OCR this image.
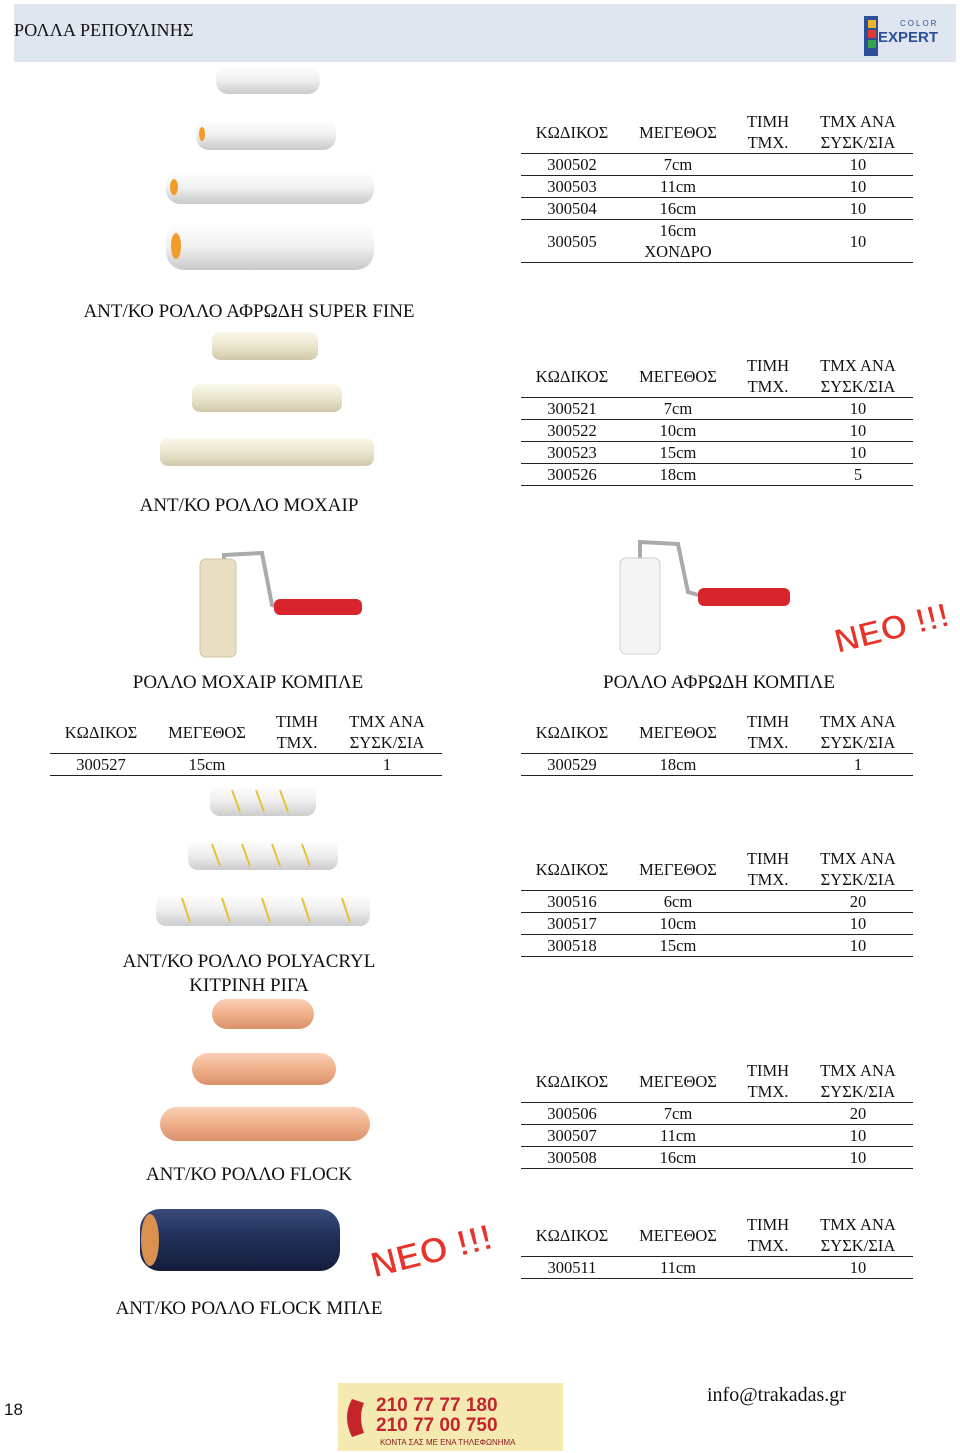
ΡΟΛΛΑ ΡΕΠΟΥΛΙΝΗΣ	COLOR
EXPERT
ΚΩΔΙΚΟΣ	ΜΕΓΕΘΟΣ	ΤΙΜΗ
ΤΜΧ.	ΤΜΧ ΑΝΑ
ΣΥΣΚ/ΣΙΑ
300502	7cm		10
300503	11cm		10
300504	16cm		10
300505	16cm
ΧΟΝΔΡΟ		10
ΑΝΤ/ΚΟ ΡΟΛΛΟ ΑΦΡΩΔΗ SUPER FINE
ΚΩΔΙΚΟΣ	ΜΕΓΕΘΟΣ	ΤΙΜΗ
ΤΜΧ.	ΤΜΧ ΑΝΑ
ΣΥΣΚ/ΣΙΑ
300521	7cm		10
300522	10cm		10
300523	15cm		10
300526	18cm		5
ΑΝΤ/ΚΟ ΡΟΛΛΟ ΜΟΧΑΙΡ
ΝΕΟ !!!
ΡΟΛΛΟ ΜΟΧΑΙΡ ΚΟΜΠΛΕ	ΡΟΛΛΟ ΑΦΡΩΔΗ ΚΟΜΠΛΕ
ΚΩΔΙΚΟΣ	ΜΕΓΕΘΟΣ	ΤΙΜΗ
ΤΜΧ.	ΤΜΧ ΑΝΑ
ΣΥΣΚ/ΣΙΑ
300527	15cm		1
ΚΩΔΙΚΟΣ	ΜΕΓΕΘΟΣ	ΤΙΜΗ
ΤΜΧ.	ΤΜΧ ΑΝΑ
ΣΥΣΚ/ΣΙΑ
300529	18cm		1
ΚΩΔΙΚΟΣ	ΜΕΓΕΘΟΣ	ΤΙΜΗ
ΤΜΧ.	ΤΜΧ ΑΝΑ
ΣΥΣΚ/ΣΙΑ
300516	6cm		20
300517	10cm		10
300518	15cm		10
ΑΝΤ/ΚΟ ΡΟΛΛΟ POLYACRYL
ΚΙΤΡΙΝΗ ΡΙΓΑ
ΚΩΔΙΚΟΣ	ΜΕΓΕΘΟΣ	ΤΙΜΗ
ΤΜΧ.	ΤΜΧ ΑΝΑ
ΣΥΣΚ/ΣΙΑ
300506	7cm		20
300507	11cm		10
300508	16cm		10
ΑΝΤ/ΚΟ ΡΟΛΛΟ FLOCK
ΝΕΟ !!! ΚΩΔΙΚΟΣ	ΜΕΓΕΘΟΣ	ΤΙΜΗ
ΤΜΧ.	ΤΜΧ ΑΝΑ
ΣΥΣΚ/ΣΙΑ
300511	11cm		10
ΑΝΤ/ΚΟ ΡΟΛΛΟ FLOCK ΜΠΛΕ
18	210 77 77 180
210 77 00 750
ΚΟΝΤΑ ΣΑΣ ΜΕ ΕΝΑ ΤΗΛΕΦΩΝΗΜΑ
info@trakadas.gr
